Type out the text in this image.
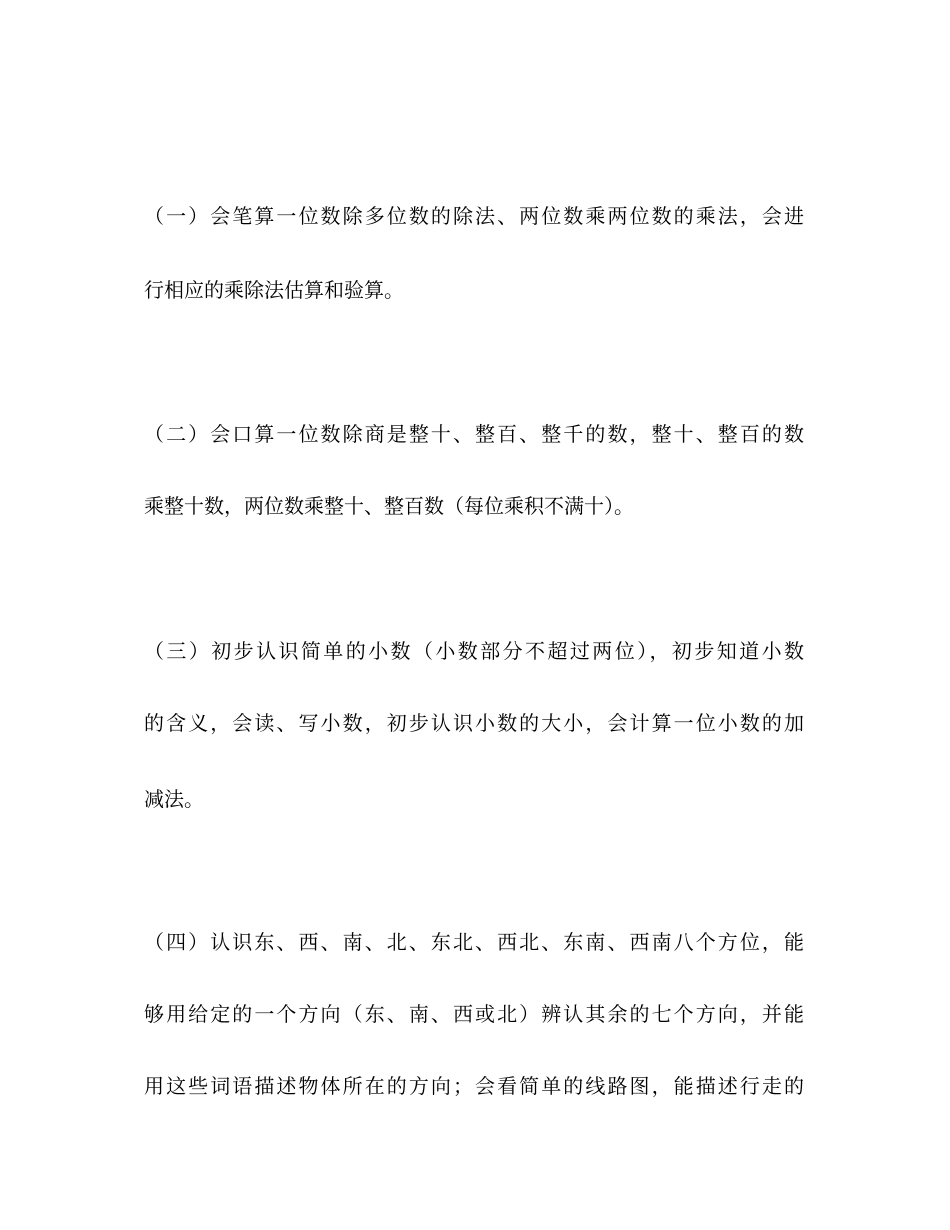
（一）会笔算一位数除多位数的除法、两位数乘两位数的乘法，会进
行相应的乘除法估算和验算。
（二）会口算一位数除商是整十、整百、整千的数，整十、整百的数
乘整十数，两位数乘整十、整百数（每位乘积不满十）。
（三）初步认识简单的小数（小数部分不超过两位），初步知道小数
的含义，会读、写小数，初步认识小数的大小，会计算一位小数的加
减法。
（四）认识东、西、南、北、东北、西北、东南、西南八个方位，能
够用给定的一个方向（东、南、西或北）辨认其余的七个方向，并能
用这些词语描述物体所在的方向；会看简单的线路图，能描述行走的
